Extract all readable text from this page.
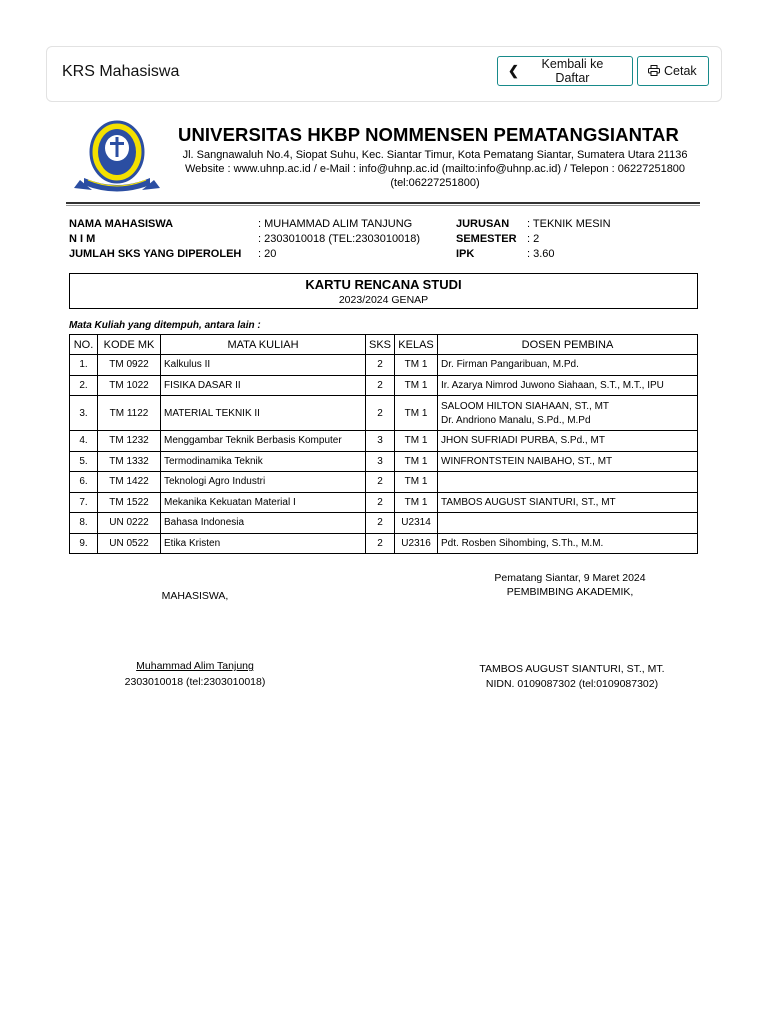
KRS Mahasiswa	❮	Kembali ke Daftar	Cetak
UNIVERSITAS HKBP NOMMENSEN PEMATANGSIANTAR
Jl. Sangnawaluh No.4, Siopat Suhu, Kec. Siantar Timur, Kota Pematang Siantar, Sumatera Utara 21136
Website : www.uhnp.ac.id / e-Mail : info@uhnp.ac.id (mailto:info@uhnp.ac.id) / Telepon : 06227251800
(tel:06227251800)
NAMA MAHASISWA	: MUHAMMAD ALIM TANJUNG
N I M	: 2303010018 (TEL:2303010018)
JUMLAH SKS YANG DIPEROLEH : 20
JURUSAN : TEKNIK MESIN
SEMESTER : 2
IPK	: 3.60
KARTU RENCANA STUDI
2023/2024 GENAP
Mata Kuliah yang ditempuh, antara lain :
NO.	KODE MK	MATA KULIAH	SKS	KELAS	DOSEN PEMBINA
1.	TM 0922	Kalkulus II	2	TM 1	Dr. Firman Pangaribuan, M.Pd.
2.	TM 1022	FISIKA DASAR II	2	TM 1	Ir. Azarya Nimrod Juwono Siahaan, S.T., M.T., IPU
3.	TM 1122	MATERIAL TEKNIK II	2	TM 1	SALOOM HILTON SIAHAAN, ST., MT
Dr. Andriono Manalu, S.Pd., M.Pd

4.	TM 1232	Menggambar Teknik Berbasis Komputer	3	TM 1	JHON SUFRIADI PURBA, S.Pd., MT
5.	TM 1332	Termodinamika Teknik	3	TM 1	WINFRONTSTEIN NAIBAHO, ST., MT
6.	TM 1422	Teknologi Agro Industri	2	TM 1	
7.	TM 1522	Mekanika Kekuatan Material I	2	TM 1	TAMBOS AUGUST SIANTURI, ST., MT
8.	UN 0222	Bahasa Indonesia	2	U2314	
9.	UN 0522	Etika Kristen	2	U2316	Pdt. Rosben Sihombing, S.Th., M.M.
Pematang Siantar, 9 Maret 2024
PEMBIMBING AKADEMIK,
MAHASISWA,
Muhammad Alim Tanjung
2303010018 (tel:2303010018)
TAMBOS AUGUST SIANTURI, ST., MT.
NIDN. 0109087302 (tel:0109087302)
